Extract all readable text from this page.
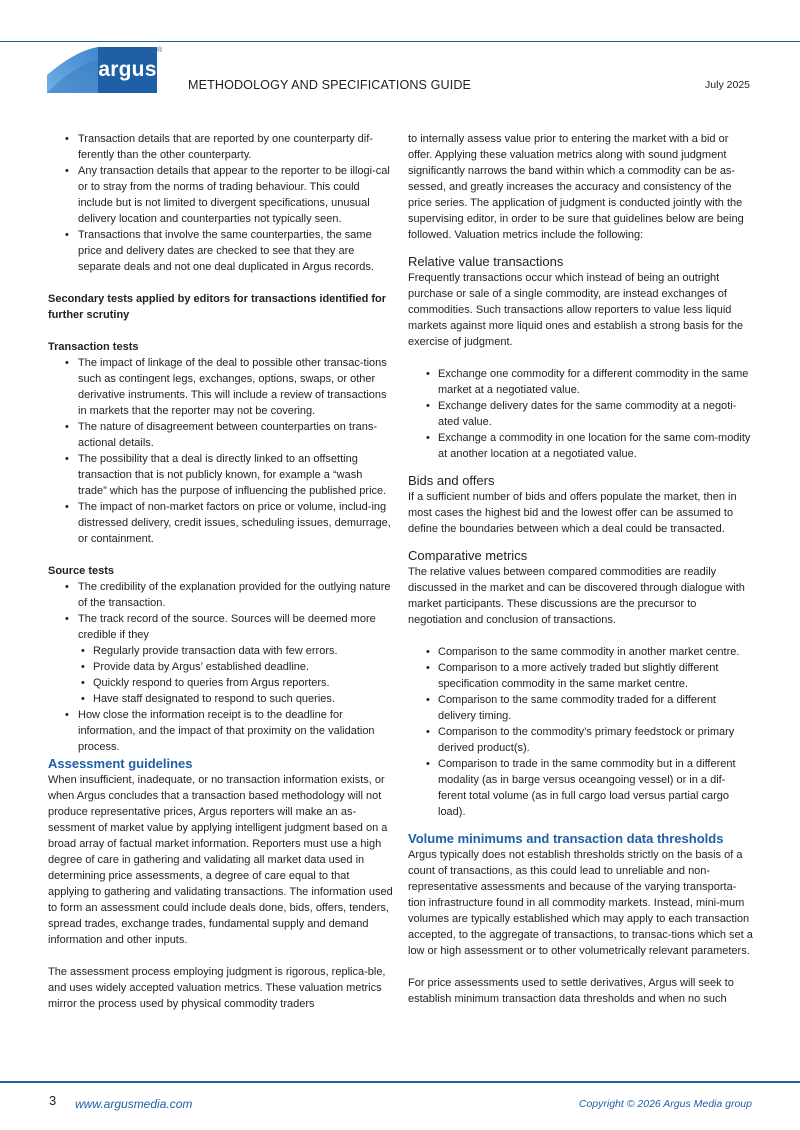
argus
®
METHODOLOGY AND SPECIFICATIONS GUIDE	July 2025
• Transaction details that are reported by one counterparty dif-ferently than the other counterparty.
• Any transaction details that appear to the reporter to be illogi-cal or to stray from the norms of trading behaviour. This could include but is not limited to divergent specifications, unusual delivery location and counterparties not typically seen.
• Transactions that involve the same counterparties, the same price and delivery dates are checked to see that they are separate deals and not one deal duplicated in Argus records.

Secondary tests applied by editors for transactions identified for further scrutiny

Transaction tests

• The impact of linkage of the deal to possible other transac-tions such as contingent legs, exchanges, options, swaps, or other derivative instruments. This will include a review of transactions in markets that the reporter may not be covering.
• The nature of disagreement between counterparties on trans-actional details.
• The possibility that a deal is directly linked to an offsetting transaction that is not publicly known, for example a “wash trade” which has the purpose of influencing the published price.
• The impact of non-market factors on price or volume, includ-ing distressed delivery, credit issues, scheduling issues, demurrage, or containment.

Source tests

• The credibility of the explanation provided for the outlying nature of the transaction.
• The track record of the source. Sources will be deemed more credible if they
• Regularly provide transaction data with few errors.
• Provide data by Argus’ established deadline.
• Quickly respond to queries from Argus reporters.
• Have staff designated to respond to such queries.
• How close the information receipt is to the deadline for information, and the impact of that proximity on the validation process.

Assessment guidelines

When insufficient, inadequate, or no transaction information exists, or when Argus concludes that a transaction based methodology will not produce representative prices, Argus reporters will make an as-sessment of market value by applying intelligent judgment based on a broad array of factual market information. Reporters must use a high degree of care in gathering and validating all market data used in determining price assessments, a degree of care equal to that applying to gathering and validating transactions. The information used to form an assessment could include deals done, bids, offers, tenders, spread trades, exchange trades, fundamental supply and demand information and other inputs.

The assessment process employing judgment is rigorous, replica-ble, and uses widely accepted valuation metrics. These valuation metrics mirror the process used by physical commodity traders

to internally assess value prior to entering the market with a bid or offer. Applying these valuation metrics along with sound judgment significantly narrows the band within which a commodity can be as-sessed, and greatly increases the accuracy and consistency of the price series. The application of judgment is conducted jointly with the supervising editor, in order to be sure that guidelines below are being followed. Valuation metrics include the following:

Relative value transactions

Frequently transactions occur which instead of being an outright purchase or sale of a single commodity, are instead exchanges of commodities. Such transactions allow reporters to value less liquid markets against more liquid ones and establish a strong basis for the exercise of judgment.

• Exchange one commodity for a different commodity in the same market at a negotiated value.
• Exchange delivery dates for the same commodity at a negoti-ated value.
• Exchange a commodity in one location for the same com-modity at another location at a negotiated value.

Bids and offers

If a sufficient number of bids and offers populate the market, then in most cases the highest bid and the lowest offer can be assumed to define the boundaries between which a deal could be transacted.

Comparative metrics

The relative values between compared commodities are readily discussed in the market and can be discovered through dialogue with market participants. These discussions are the precursor to negotiation and conclusion of transactions.

• Comparison to the same commodity in another market centre.
• Comparison to a more actively traded but slightly different specification commodity in the same market centre.
• Comparison to the same commodity traded for a different delivery timing.
• Comparison to the commodity’s primary feedstock or primary derived product(s).
• Comparison to trade in the same commodity but in a different modality (as in barge versus oceangoing vessel) or in a dif-ferent total volume (as in full cargo load versus partial cargo load).

Volume minimums and transaction data thresholds

Argus typically does not establish thresholds strictly on the basis of a count of transactions, as this could lead to unreliable and non-representative assessments and because of the varying transporta-tion infrastructure found in all commodity markets. Instead, mini-mum volumes are typically established which may apply to each transaction accepted, to the aggregate of transactions, to transac-tions which set a low or high assessment or to other volumetrically relevant parameters.

For price assessments used to settle derivatives, Argus will seek to establish minimum transaction data thresholds and when no such

3 www.argusmedia.com	Copyright © 2026 Argus Media group
